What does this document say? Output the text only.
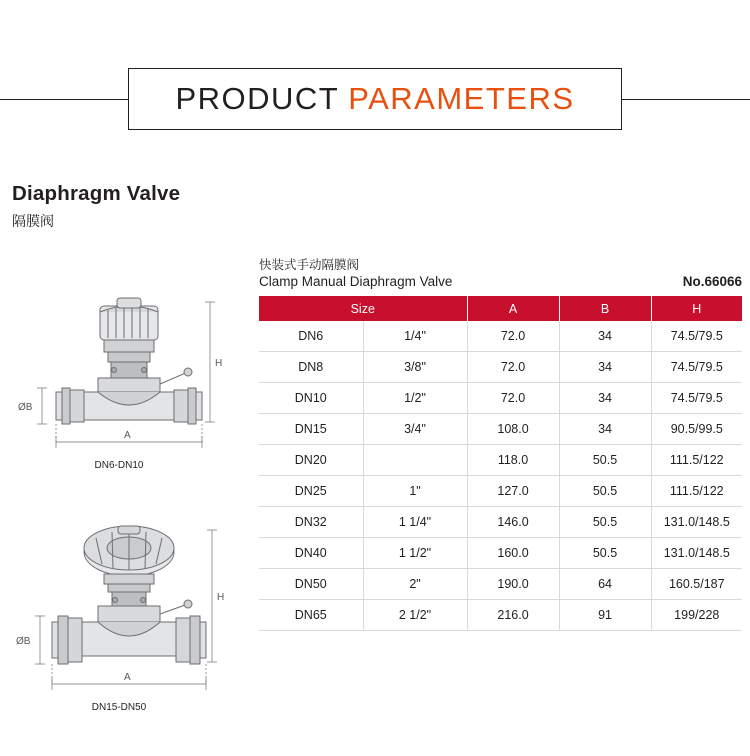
PRODUCT PARAMETERS
Diaphragm Valve
隔膜阀
快装式手动隔膜阀
Clamp Manual Diaphragm Valve	No.66066
Size		A	B	H
DN6	1/4"	72.0	34	74.5/79.5
DN8	3/8"	72.0	34	74.5/79.5
DN10	1/2"	72.0	34	74.5/79.5
DN15	3/4"	108.0	34	90.5/99.5
DN20		118.0	50.5	111.5/122
DN25	1"	127.0	50.5	111.5/122
DN32	1 1/4"	146.0	50.5	131.0/148.5
DN40	1 1/2"	160.0	50.5	131.0/148.5
DN50	2"	190.0	64	160.5/187
DN65	2 1/2"	216.0	91	199/228
H
ØB
A
DN6-DN10
H
ØB
A
DN15-DN50
